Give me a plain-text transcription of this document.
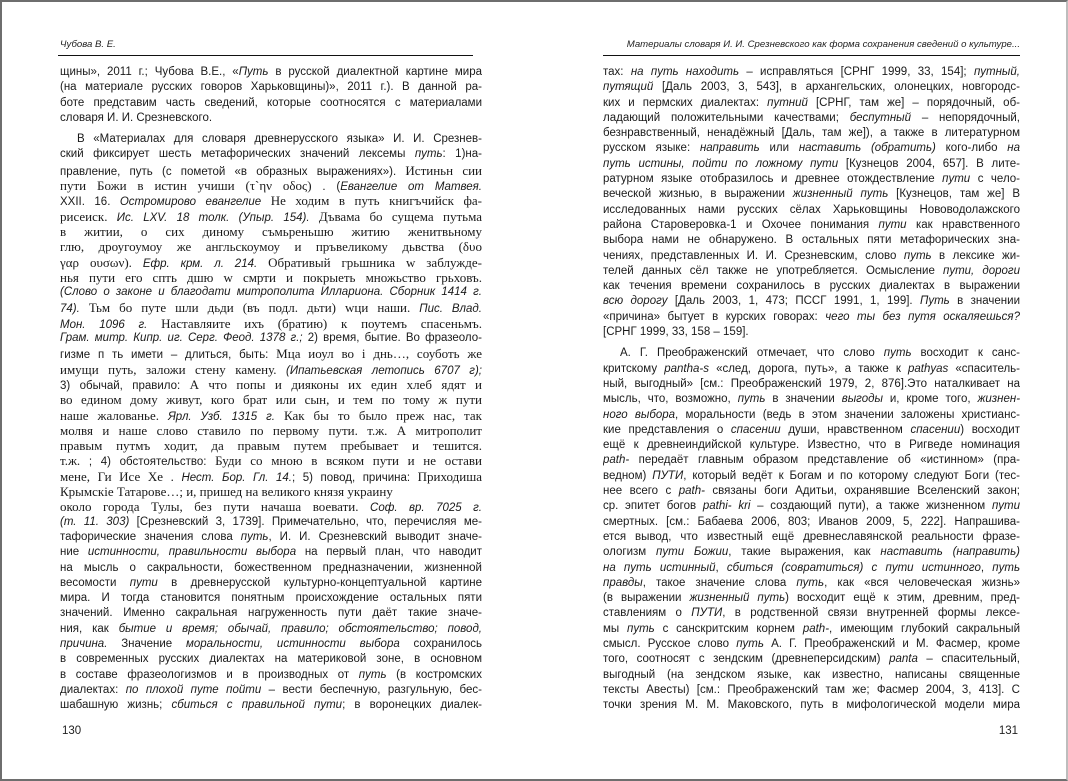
Чубова В. Е.
щины», 2011 г.; Чубова В.Е., «Путь в русской диалектной картине мира
(на материале русских говоров Харьковщины)», 2011 г.). В данной ра-
боте представим часть сведений, которые соотносятся с материалами
словаря И. И. Срезневского.
В «Материалах для словаря древнерусского языка» И. И. Срезнев-
ский фиксирует шесть метафорических значений лексемы путь: 1)на-
правление, путь (с пометой «в образных выражениях»). Истиньн сии
пути Божи в истин учиши (τ`ην οδος) . (Евангелие от Матвея.
XXII. 16. Остромирово евангелие Не ходим в путь книгъчийск фа-
рисеиск. Ис. LXV. 18 толк. (Упыр. 154). Дъвама бо сущема путьма
в житии, о сих диному съмьреньшю житию женитвьному
глю, дроугоумоу же англьскоумоу и пръвеликому дьвства (δυο
γαρ ουσων). Ефр. крм. л. 214. Обративый грьшника w заблужде-
нья пути его спть дшю w смрти и покрыеть множьство грьховъ.
(Слово о законе и благодати митрополита Иллариона. Сборник 1414 г.
74). Тьм бо путе шли дьди (въ подл. дьти) wци наши. Пис. Влад.
Мон. 1096 г. Наставляите ихъ (братию) к поутемъ спасеньмъ.
Грам. митр. Кипр. иг. Серг. Феод. 1378 г.; 2) время, бытие. Во фразеоло-
гизме п ть имети – длиться, быть: Мца иоул во і днь…, соуботь же
имущи путь, заложи стену камену. (Ипатьевская летопись 6707 г);
3) обычай, правило: А что попы и дияконы их един хлеб ядят и
во едином дому живут, кого брат или сын, и тем по тому ж пути
наше жалованье. Ярл. Узб. 1315 г. Как бы то было преж нас, так
молвя и наше слово ставило по первому пути. т.ж. А митрополит
правым путмъ ходит, да правым путем пребывает и тешится.
т.ж. ; 4) обстоятельство: Буди со мною в всяком пути и не остави
мене, Ги Исе Хе . Нест. Бор. Гл. 14.; 5) повод, причина: Приходиша
Крымскiе Татарове…; и, пришед на великого князя украину
около города Тулы, без пути начаша воевати. Соф. вр. 7025 г.
(т. 11. 303) [Срезневский 3, 1739]. Примечательно, что, перечисляя ме-
тафорические значения слова путь, И. И. Срезневский выводит значе-
ние истинности, правильности выбора на первый план, что наводит
на мысль о сакральности, божественном предназначении, жизненной
весомости пути в древнерусской культурно-концептуальной картине
мира. И тогда становится понятным происхождение остальных пяти
значений. Именно сакральная нагруженность пути даёт такие значе-
ния, как бытие и время; обычай, правило; обстоятельство; повод,
причина. Значение моральности, истинности выбора сохранилось
в современных русских диалектах на материковой зоне, в основном
в составе фразеологизмов и в производных от путь (в костромских
диалектах: по плохой путе пойти – вести беспечную, разгульную, бес-
шабашную жизнь; сбиться с правильной пути; в воронецких диалек-
130
Материалы словаря И. И. Срезневского как форма сохранения сведений о культуре...
тах: на путь находить – исправляться [СРНГ 1999, 33, 154]; путный,
путящий [Даль 2003, 3, 543], в архангельских, олонецких, новгородс-
ких и пермских диалектах: путний [СРНГ, там же] – порядочный, об-
ладающий положительными качествами; беспутный – непорядочный,
безнравственный, ненадёжный [Даль, там же]), а также в литературном
русском языке: направить или наставить (обратить) кого-либо на
путь истины, пойти по ложному пути [Кузнецов 2004, 657]. В лите-
ратурном языке отобразилось и древнее отождествление пути с чело-
веческой жизнью, в выражении жизненный путь [Кузнецов, там же] В
исследованных нами русских сёлах Харьковщины Нововодолажского
района Староверовка-1 и Охочее понимания пути как нравственного
выбора нами не обнаружено. В остальных пяти метафорических зна-
чениях, представленных И. И. Срезневским, слово путь в лексике жи-
телей данных сёл также не употребляется. Осмысление пути, дороги
как течения времени сохранилось в русских диалектах в выражении
всю дорогу [Даль 2003, 1, 473; ПССГ 1991, 1, 199]. Путь в значении
«причина» бытует в курских говорах: чего ты без путя оскаляешься?
[СРНГ 1999, 33, 158 – 159].
А. Г. Преображенский отмечает, что слово путь восходит к санс-
критскому pantha-s «след, дорога, путь», а также к pathyas «спаситель-
ный, выгодный» [см.: Преображенский 1979, 2, 876].Это наталкивает на
мысль, что, возможно, путь в значении выгоды и, кроме того, жизнен-
ного выбора, моральности (ведь в этом значении заложены христианс-
кие представления о спасении души, нравственном спасении) восходит
ещё к древнеиндийской культуре. Известно, что в Ригведе номинация
path- передаёт главным образом представление об «истинном» (пра-
ведном) ПУТИ, который ведёт к Богам и по которому следуют Боги (тес-
нее всего с path- связаны боги Адитьи, охранявшие Вселенский закон;
ср. эпитет богов pathi- kri – создающий пути), а также жизненном пути
смертных. [см.: Бабаева 2006, 803; Иванов 2009, 5, 222]. Напрашива-
ется вывод, что известный ещё древнеславянской реальности фразе-
ологизм пути Божии, такие выражения, как наставить (направить)
на путь истинный, сбиться (совратиться) с пути истинного, путь
правды, такое значение слова путь, как «вся человеческая жизнь»
(в выражении жизненный путь) восходит ещё к этим, древним, пред-
ставлениям о ПУТИ, в родственной связи внутренней формы лексе-
мы путь с санскритским корнем path-, имеющим глубокий сакральный
смысл. Русское слово путь А. Г. Преображенский и М. Фасмер, кроме
того, соотносят с зендским (древнеперсидским) panta – спасительный,
выгодный (на зендском языке, как известно, написаны священные
тексты Авесты) [см.: Преображенский там же; Фасмер 2004, 3, 413]. С
точки зрения М. М. Маковского, путь в мифологической модели мира
131
